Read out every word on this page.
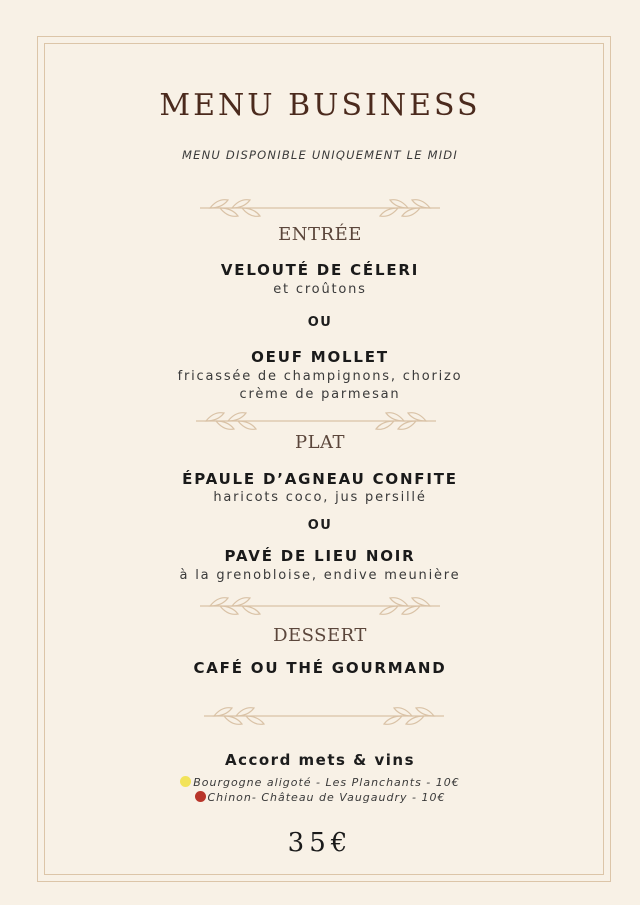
MENU BUSINESS
MENU DISPONIBLE UNIQUEMENT LE MIDI
ENTRÉE
VELOUTÉ DE CÉLERI
et croûtons
OU
OEUF MOLLET
fricassée de champignons, chorizo
crème de parmesan
PLAT
ÉPAULE D’AGNEAU CONFITE
haricots coco, jus persillé
OU
PAVÉ DE LIEU NOIR
à la grenobloise, endive meunière
DESSERT
CAFÉ OU THÉ GOURMAND
Accord mets & vins
Bourgogne aligoté - Les Planchants - 10€
Chinon- Château de Vaugaudry - 10€
35€
